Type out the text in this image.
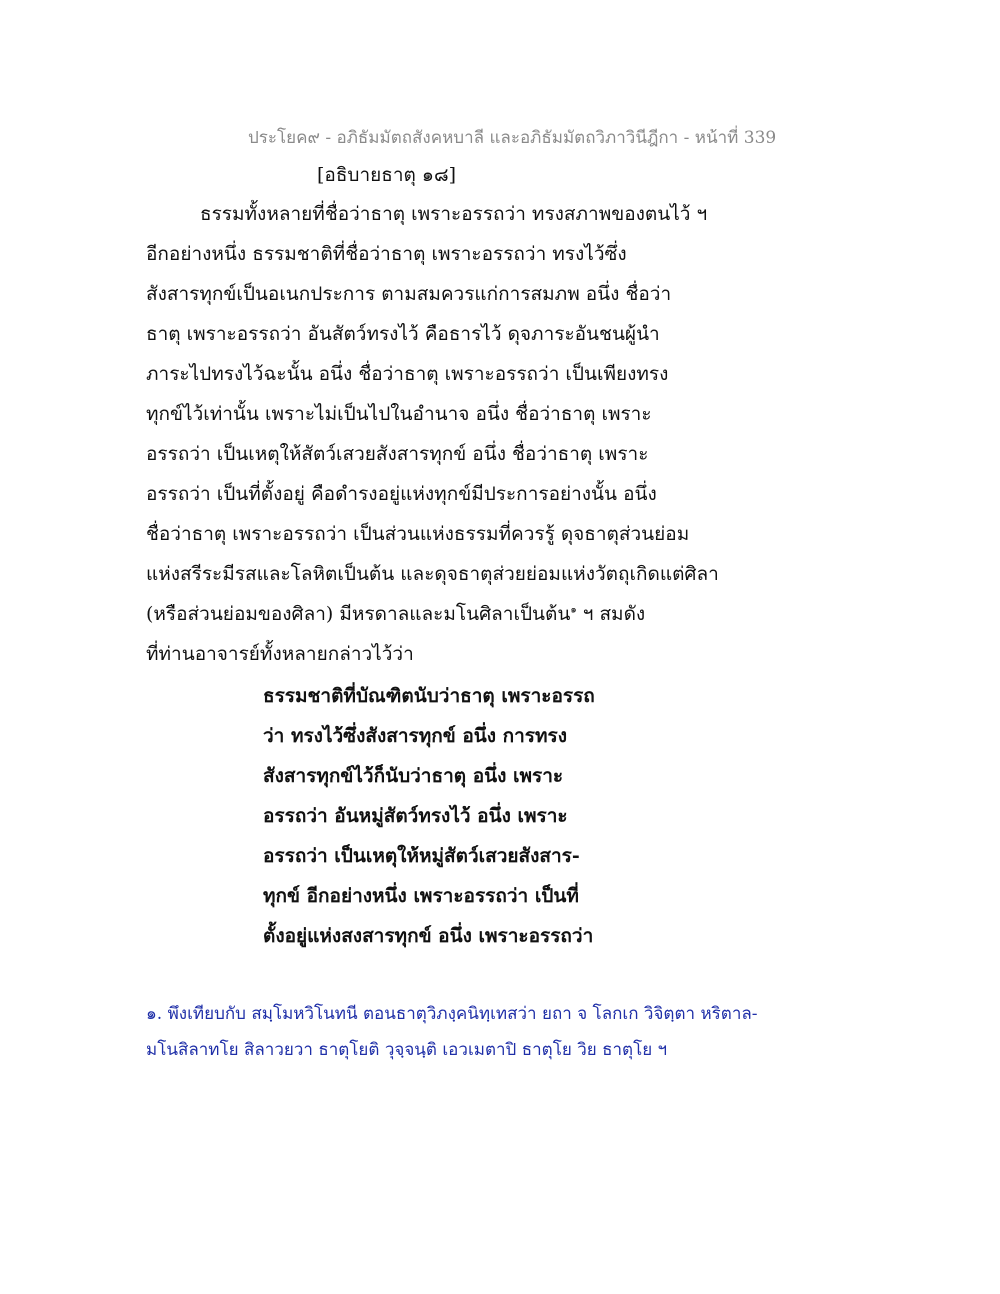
ประโยค๙ - อภิธัมมัตถสังคหบาลี และอภิธัมมัตถวิภาวินีฎีกา - หน้าที่ 339
[อธิบายธาตุ ๑๘]
ธรรมทั้งหลายที่ชื่อว่าธาตุ เพราะอรรถว่า ทรงสภาพของตนไว้ ฯ
อีกอย่างหนึ่ง ธรรมชาติที่ชื่อว่าธาตุ เพราะอรรถว่า ทรงไว้ซึ่ง
สังสารทุกข์เป็นอเนกประการ ตามสมควรแก่การสมภพ อนึ่ง ชื่อว่า
ธาตุ เพราะอรรถว่า อันสัตว์ทรงไว้ คือธารไว้ ดุจภาระอันชนผู้นำ
ภาระไปทรงไว้ฉะนั้น อนึ่ง ชื่อว่าธาตุ เพราะอรรถว่า เป็นเพียงทรง
ทุกข์ไว้เท่านั้น เพราะไม่เป็นไปในอำนาจ อนึ่ง ชื่อว่าธาตุ เพราะ
อรรถว่า เป็นเหตุให้สัตว์เสวยสังสารทุกข์ อนึ่ง ชื่อว่าธาตุ เพราะ
อรรถว่า เป็นที่ตั้งอยู่ คือดำรงอยู่แห่งทุกข์มีประการอย่างนั้น อนึ่ง
ชื่อว่าธาตุ เพราะอรรถว่า เป็นส่วนแห่งธรรมที่ควรรู้ ดุจธาตุส่วนย่อม
แห่งสรีระมีรสและโลหิตเป็นต้น และดุจธาตุส่วยย่อมแห่งวัตถุเกิดแต่ศิลา
(หรือส่วนย่อมของศิลา) มีหรดาลและมโนศิลาเป็นต้น$^๑$ ฯ สมดัง
ที่ท่านอาจารย์ทั้งหลายกล่าวไว้ว่า
ธรรมชาติที่บัณฑิตนับว่าธาตุ เพราะอรรถ
ว่า ทรงไว้ซึ่งสังสารทุกข์ อนึ่ง การทรง
สังสารทุกข์ไว้ก็นับว่าธาตุ อนึ่ง เพราะ
อรรถว่า อันหมู่สัตว์ทรงไว้ อนึ่ง เพราะ
อรรถว่า เป็นเหตุให้หมู่สัตว์เสวยสังสาร-
ทุกข์ อีกอย่างหนึ่ง เพราะอรรถว่า เป็นที่
ตั้งอยู่แห่งสงสารทุกข์ อนึ่ง เพราะอรรถว่า
๑. พึงเทียบกับ สมฺโมหวิโนทนี ตอนธาตุวิภงฺคนิทฺเทสว่า ยถา จ โลกเก วิจิตฺตา หริตาล-
มโนสิลาทโย สิลาวยวา ธาตุโยติ วุจฺจนฺติ เอวเมตาปิ ธาตุโย วิย ธาตุโย ฯ
